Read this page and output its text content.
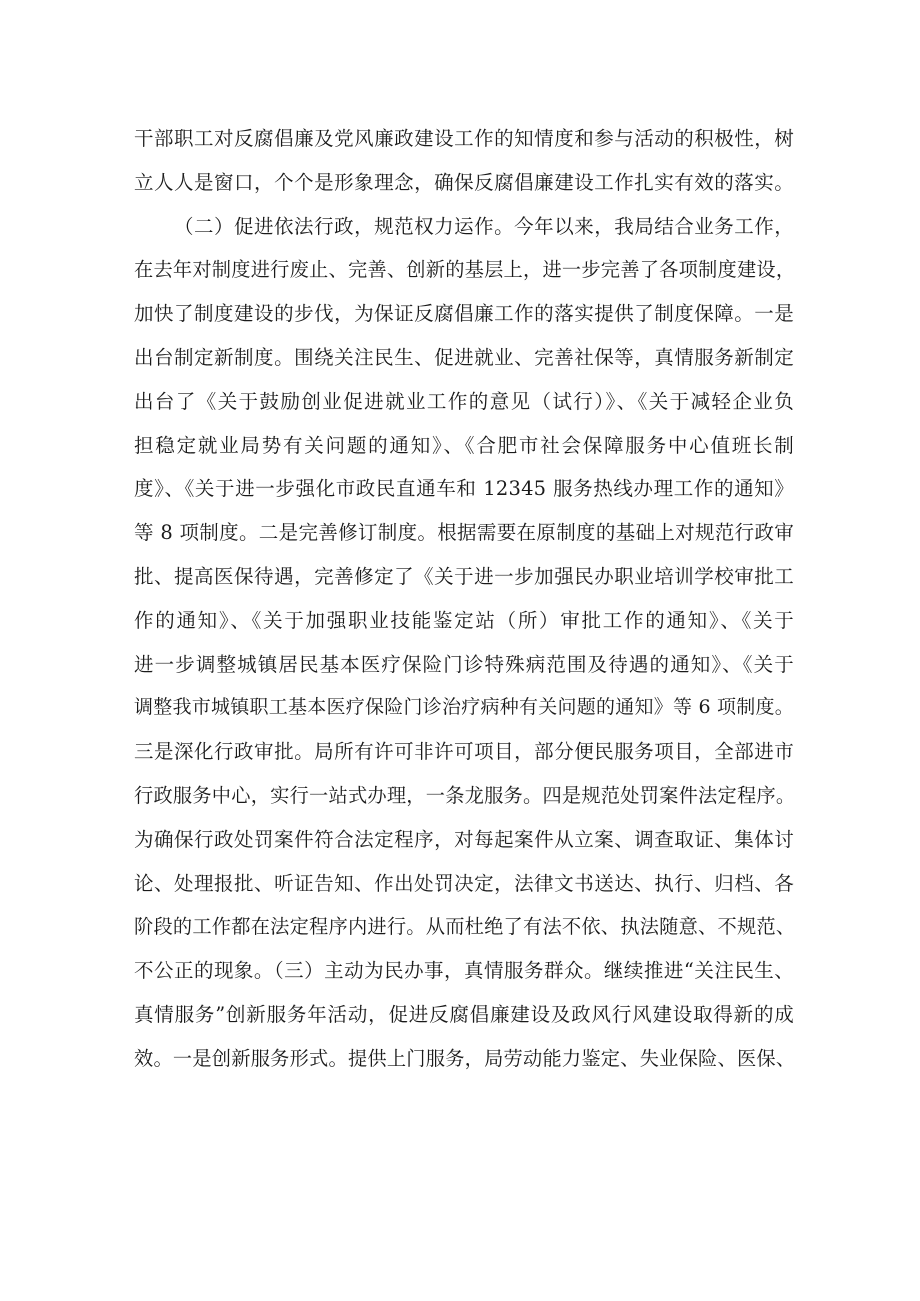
干部职工对反腐倡廉及党风廉政建设工作的知情度和参与活动的积极性，树
立人人是窗口，个个是形象理念，确保反腐倡廉建设工作扎实有效的落实。
（二）促进依法行政，规范权力运作。今年以来，我局结合业务工作，
在去年对制度进行废止、完善、创新的基层上，进一步完善了各项制度建设，
加快了制度建设的步伐，为保证反腐倡廉工作的落实提供了制度保障。一是
出台制定新制度。围绕关注民生、促进就业、完善社保等，真情服务新制定
出台了《关于鼓励创业促进就业工作的意见（试行）》、《关于减轻企业负
担稳定就业局势有关问题的通知》、《合肥市社会保障服务中心值班长制
度》、《关于进一步强化市政民直通车和 12345 服务热线办理工作的通知》
等 8 项制度。二是完善修订制度。根据需要在原制度的基础上对规范行政审
批、提高医保待遇，完善修定了《关于进一步加强民办职业培训学校审批工
作的通知》、《关于加强职业技能鉴定站（所）审批工作的通知》、《关于
进一步调整城镇居民基本医疗保险门诊特殊病范围及待遇的通知》、《关于
调整我市城镇职工基本医疗保险门诊治疗病种有关问题的通知》等 6 项制度。
三是深化行政审批。局所有许可非许可项目，部分便民服务项目，全部进市
行政服务中心，实行一站式办理，一条龙服务。四是规范处罚案件法定程序。
为确保行政处罚案件符合法定程序，对每起案件从立案、调查取证、集体讨
论、处理报批、听证告知、作出处罚决定，法律文书送达、执行、归档、各
阶段的工作都在法定程序内进行。从而杜绝了有法不依、执法随意、不规范、
不公正的现象。（三）主动为民办事，真情服务群众。继续推进“关注民生、
真情服务”创新服务年活动，促进反腐倡廉建设及政风行风建设取得新的成
效。一是创新服务形式。提供上门服务，局劳动能力鉴定、失业保险、医保、
